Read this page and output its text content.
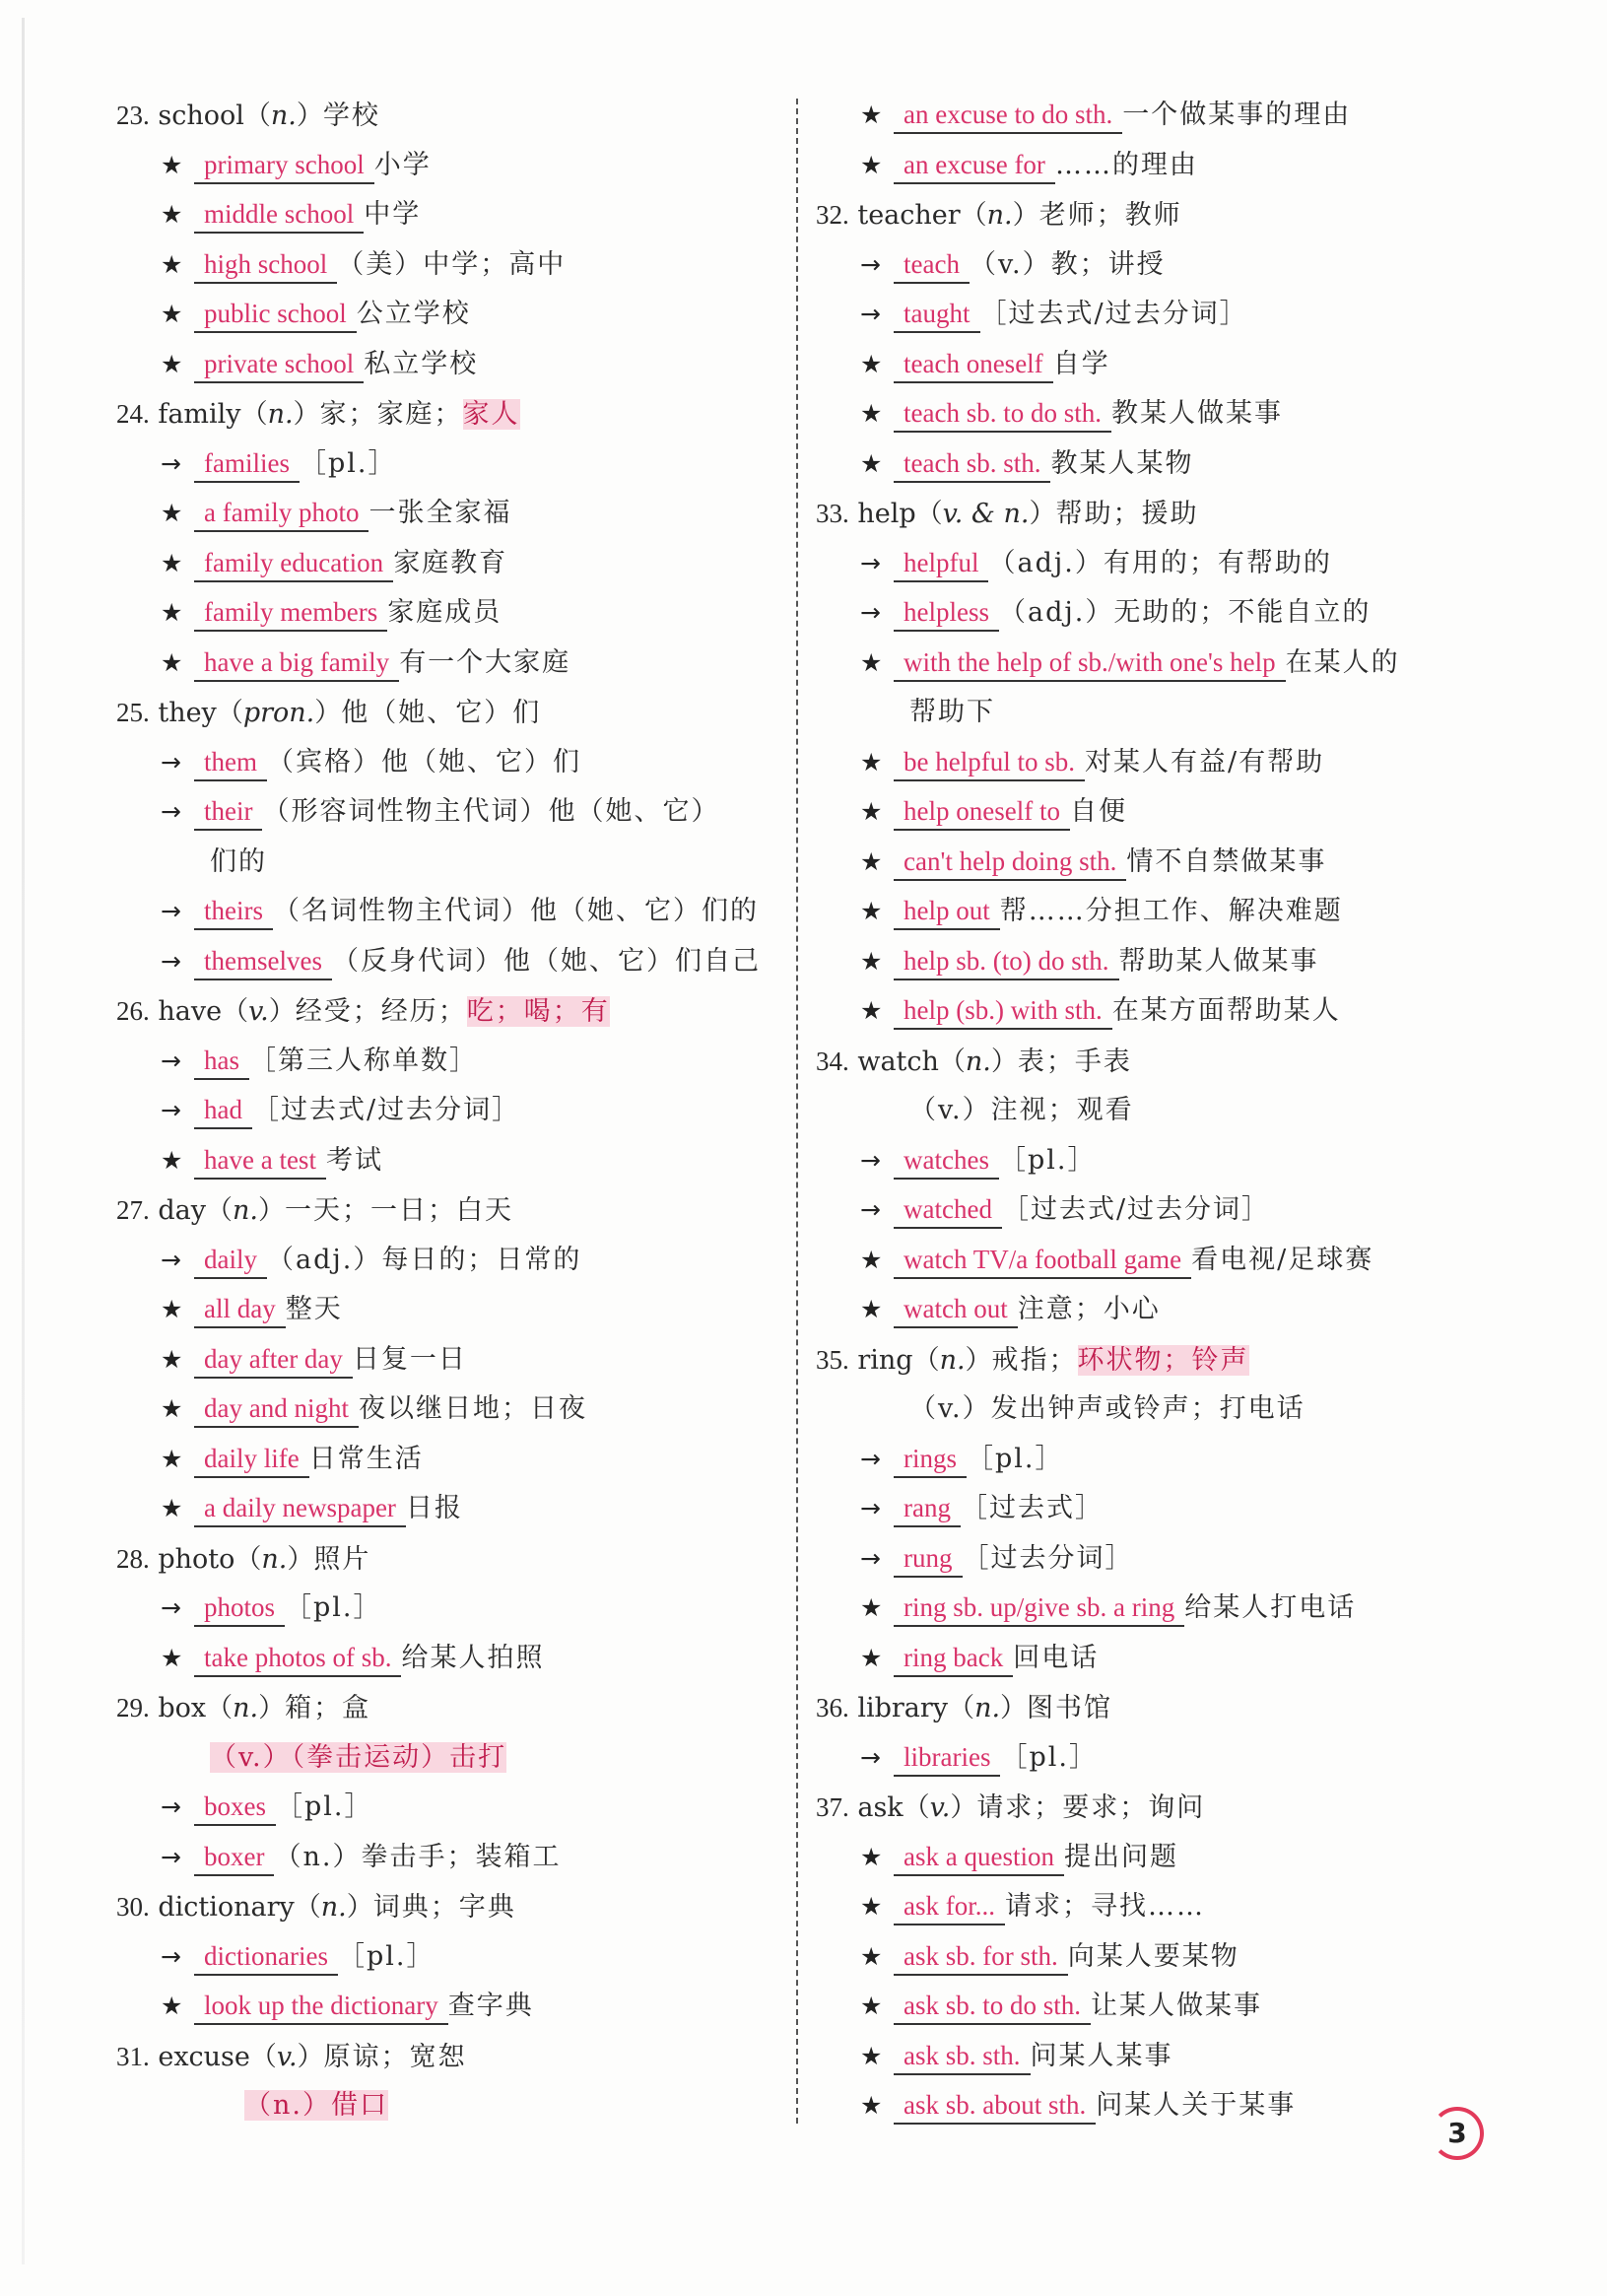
23. school（n.）学校
★ primary school 小学
★ middle school 中学
★ high school （美）中学；高中
★ public school 公立学校
★ private school 私立学校
24. family（n.）家；家庭；家人
→ families ［pl.］
★ a family photo 一张全家福
★ family education 家庭教育
★ family members 家庭成员
★ have a big family 有一个大家庭
25. they（pron.）他（她、它）们
→ them （宾格）他（她、它）们
→ their （形容词性物主代词）他（她、它）
们的
→ theirs （名词性物主代词）他（她、它）们的
→ themselves （反身代词）他（她、它）们自己
26. have（v.）经受；经历；吃；喝；有
→ has ［第三人称单数］
→ had ［过去式/过去分词］
★ have a test 考试
27. day（n.）一天；一日；白天
→ daily （adj.）每日的；日常的
★ all day 整天
★ day after day 日复一日
★ day and night 夜以继日地；日夜
★ daily life 日常生活
★ a daily newspaper 日报
28. photo（n.）照片
→ photos ［pl.］
★ take photos of sb. 给某人拍照
29. box（n.）箱；盒
（v.）（拳击运动）击打
→ boxes ［pl.］
→ boxer （n.）拳击手；装箱工
30. dictionary（n.）词典；字典
→ dictionaries ［pl.］
★ look up the dictionary 查字典
31. excuse（v.）原谅；宽恕
（n.）借口
★ an excuse to do sth. 一个做某事的理由
★ an excuse for ……的理由
32. teacher（n.）老师；教师
→ teach （v.）教；讲授
→ taught ［过去式/过去分词］
★ teach oneself 自学
★ teach sb. to do sth. 教某人做某事
★ teach sb. sth. 教某人某物
33. help（v. & n.）帮助；援助
→ helpful （adj.）有用的；有帮助的
→ helpless （adj.）无助的；不能自立的
★ with the help of sb./with one's help 在某人的
帮助下
★ be helpful to sb. 对某人有益/有帮助
★ help oneself to 自便
★ can't help doing sth. 情不自禁做某事
★ help out 帮……分担工作、解决难题
★ help sb. (to) do sth. 帮助某人做某事
★ help (sb.) with sth. 在某方面帮助某人
34. watch（n.）表；手表
（v.）注视；观看
→ watches ［pl.］
→ watched ［过去式/过去分词］
★ watch TV/a football game 看电视/足球赛
★ watch out 注意；小心
35. ring（n.）戒指；环状物；铃声
（v.）发出钟声或铃声；打电话
→ rings ［pl.］
→ rang ［过去式］
→ rung ［过去分词］
★ ring sb. up/give sb. a ring 给某人打电话
★ ring back 回电话
36. library（n.）图书馆
→ libraries ［pl.］
37. ask（v.）请求；要求；询问
★ ask a question 提出问题
★ ask for... 请求；寻找……
★ ask sb. for sth. 向某人要某物
★ ask sb. to do sth. 让某人做某事
★ ask sb. sth. 问某人某事
★ ask sb. about sth. 问某人关于某事
3
